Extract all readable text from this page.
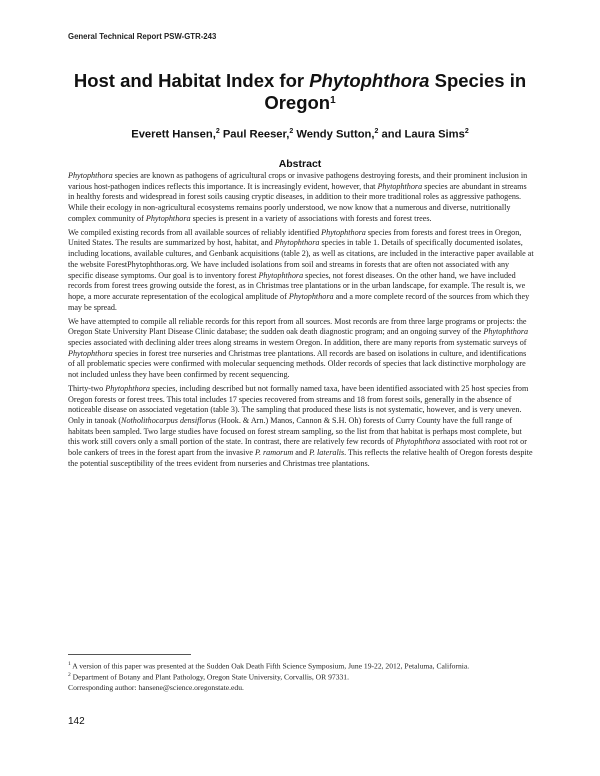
General Technical Report PSW-GTR-243
Host and Habitat Index for Phytophthora Species in Oregon$^1$
Everett Hansen,$^2$ Paul Reeser,$^2$ Wendy Sutton,$^2$ and Laura Sims$^2$
Abstract

Phytophthora species are known as pathogens of agricultural crops or invasive pathogens destroying forests, and their prominent inclusion in various host-pathogen indices reflects this importance. It is increasingly evident, however, that Phytophthora species are abundant in streams in healthy forests and widespread in forest soils causing cryptic diseases, in addition to their more traditional roles as aggressive pathogens. While their ecology in non-agricultural ecosystems remains poorly understood, we now know that a numerous and diverse, nutritionally complex community of Phytophthora species is present in a variety of associations with forests and forest trees.

We compiled existing records from all available sources of reliably identified Phytophthora species from forests and forest trees in Oregon, United States. The results are summarized by host, habitat, and Phytophthora species in table 1. Details of specifically documented isolates, including locations, available cultures, and Genbank acquisitions (table 2), as well as citations, are included in the interactive paper available at the website ForestPhytophthoras.org. We have included isolations from soil and streams in forests that are often not associated with any specific disease symptoms. Our goal is to inventory forest Phytophthora species, not forest diseases. On the other hand, we have included records from forest trees growing outside the forest, as in Christmas tree plantations or in the urban landscape, for example. The result is, we hope, a more accurate representation of the ecological amplitude of Phytophthora and a more complete record of the sources from which they may be spread.

We have attempted to compile all reliable records for this report from all sources. Most records are from three large programs or projects: the Oregon State University Plant Disease Clinic database; the sudden oak death diagnostic program; and an ongoing survey of the Phytophthora species associated with declining alder trees along streams in western Oregon. In addition, there are many reports from systematic surveys of Phytophthora species in forest tree nurseries and Christmas tree plantations. All records are based on isolations in culture, and identifications of all problematic species were confirmed with molecular sequencing methods. Older records of species that lack distinctive morphology are not included unless they have been confirmed by recent sequencing.

Thirty-two Phytophthora species, including described but not formally named taxa, have been identified associated with 25 host species from Oregon forests or forest trees. This total includes 17 species recovered from streams and 18 from forest soils, generally in the absence of noticeable disease on associated vegetation (table 3). The sampling that produced these lists is not systematic, however, and is very uneven. Only in tanoak (Notholithocarpus densiflorus (Hook. & Arn.) Manos, Cannon & S.H. Oh) forests of Curry County have the full range of habitats been sampled. Two large studies have focused on forest stream sampling, so the list from that habitat is perhaps most complete, but this work still covers only a small portion of the state. In contrast, there are relatively few records of Phytophthora associated with root rot or bole cankers of trees in the forest apart from the invasive P. ramorum and P. lateralis. This reflects the relative health of Oregon forests despite the potential susceptibility of the trees evident from nurseries and Christmas tree plantations.

$^1$ A version of this paper was presented at the Sudden Oak Death Fifth Science Symposium, June 19-22, 2012, Petaluma, California.

$^2$ Department of Botany and Plant Pathology, Oregon State University, Corvallis, OR 97331.

Corresponding author: hansene@science.oregonstate.edu.

142
